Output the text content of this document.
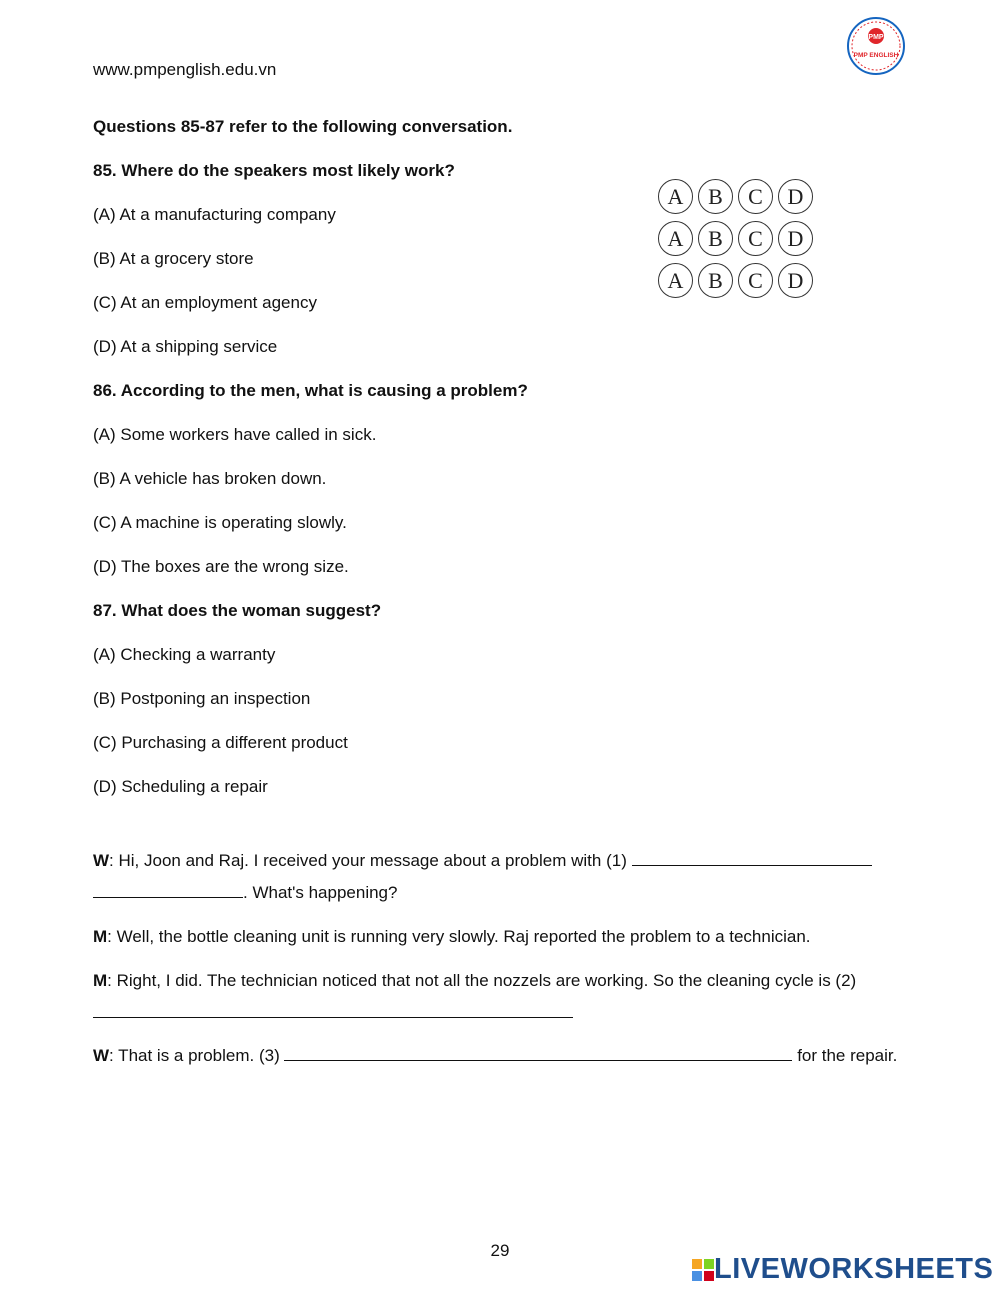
www.pmpenglish.edu.vn
PMP
PMP ENGLISH
Questions 85-87 refer to the following conversation.
85. Where do the speakers most likely work?
(A) At a manufacturing company
(B) At a grocery store
(C) At an employment agency
(D) At a shipping service
A	B	C	D
A	B	C	D
A	B	C	D
86. According to the men, what is causing a problem?
(A) Some workers have called in sick.
(B) A vehicle has broken down.
(C) A machine is operating slowly.
(D) The boxes are the wrong size.
87. What does the woman suggest?
(A) Checking a warranty
(B) Postponing an inspection
(C) Purchasing a different product
(D) Scheduling a repair
W: Hi, Joon and Raj. I received your message about a problem with (1)
. What's happening?
M: Well, the bottle cleaning unit is running very slowly. Raj reported the problem to a technician.
M: Right, I did. The technician noticed that not all the nozzels are working. So the cleaning cycle is (2)

W: That is a problem. (3)	for the repair.
29
LIVEWORKSHEETS
